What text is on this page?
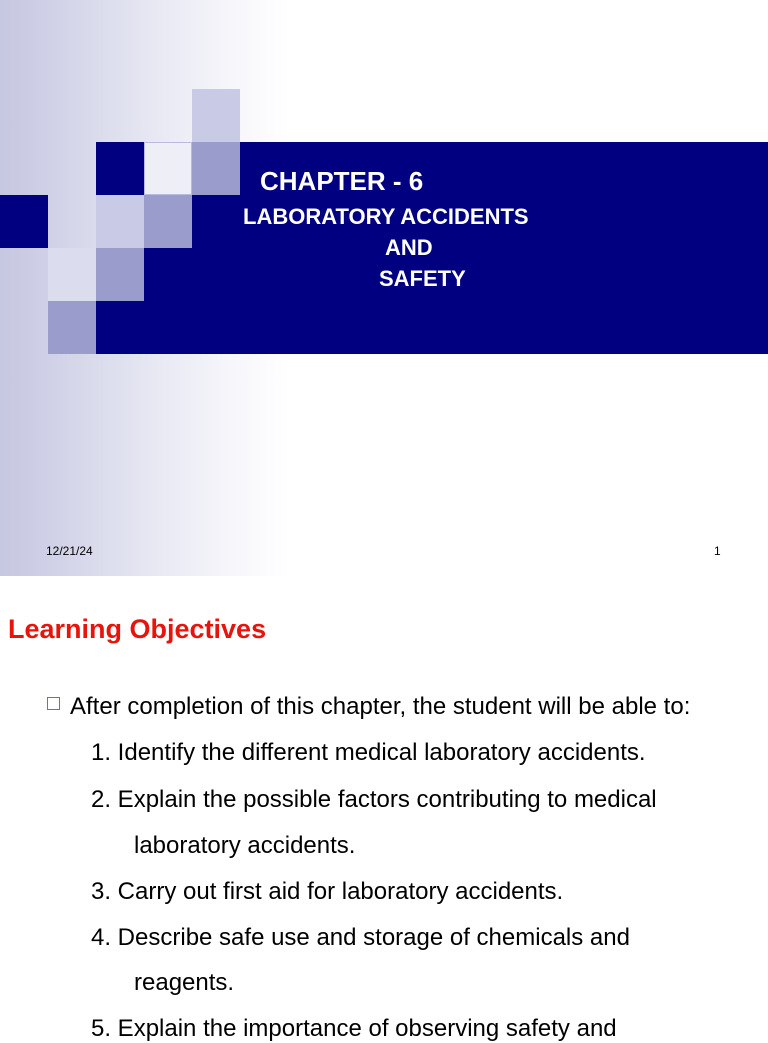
CHAPTER - 6
LABORATORY ACCIDENTS
AND
SAFETY
12/21/24	1
Learning Objectives
After completion of this chapter, the student will be able to:
1. Identify the different medical laboratory accidents.
2. Explain the possible factors contributing to medical
laboratory accidents.
3. Carry out first aid for laboratory accidents.
4. Describe safe use and storage of chemicals and
reagents.
5. Explain the importance of observing safety and
